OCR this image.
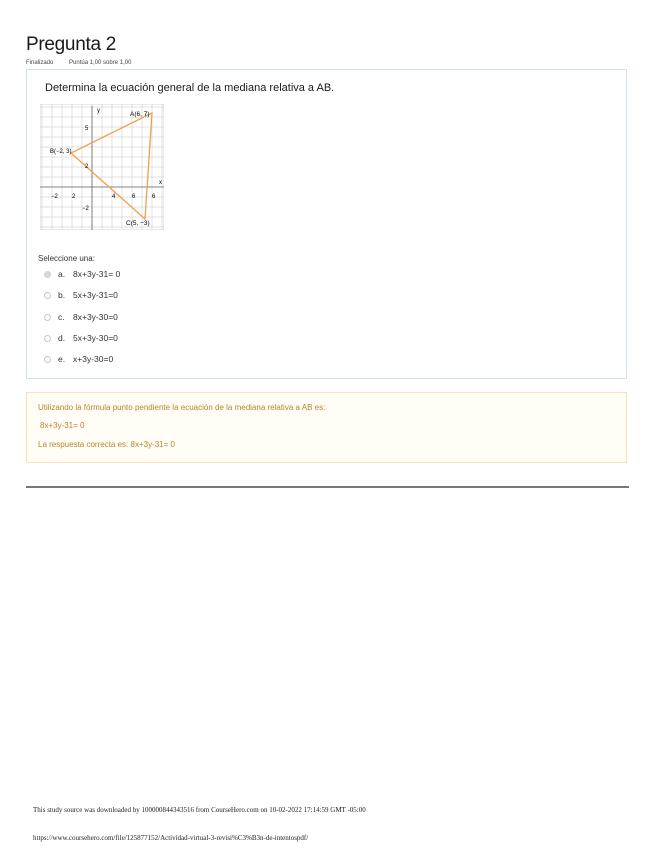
Pregunta 2
Finalizado	Puntúa 1,00 sobre 1,00
Determina la ecuación general de la mediana relativa a AB.
y
x
−2 2	4	6	6
5
2
−2
A(6, 7)
B(−2, 3)
C(5, −3)
Seleccione una:
a. 8x+3y-31= 0
b. 5x+3y-31=0
c. 8x+3y-30=0
d. 5x+3y-30=0
e. x+3y-30=0
Utilizando la fórmula punto pendiente la ecuación de la mediana relativa a AB es:
8x+3y-31= 0
La respuesta correcta es: 8x+3y-31= 0
This study source was downloaded by 100000844343516 from CourseHero.com on 10-02-2022 17:14:59 GMT -05:00
https://www.coursehero.com/file/125877152/Actividad-virtual-3-revisi%C3%B3n-de-intentospdf/
